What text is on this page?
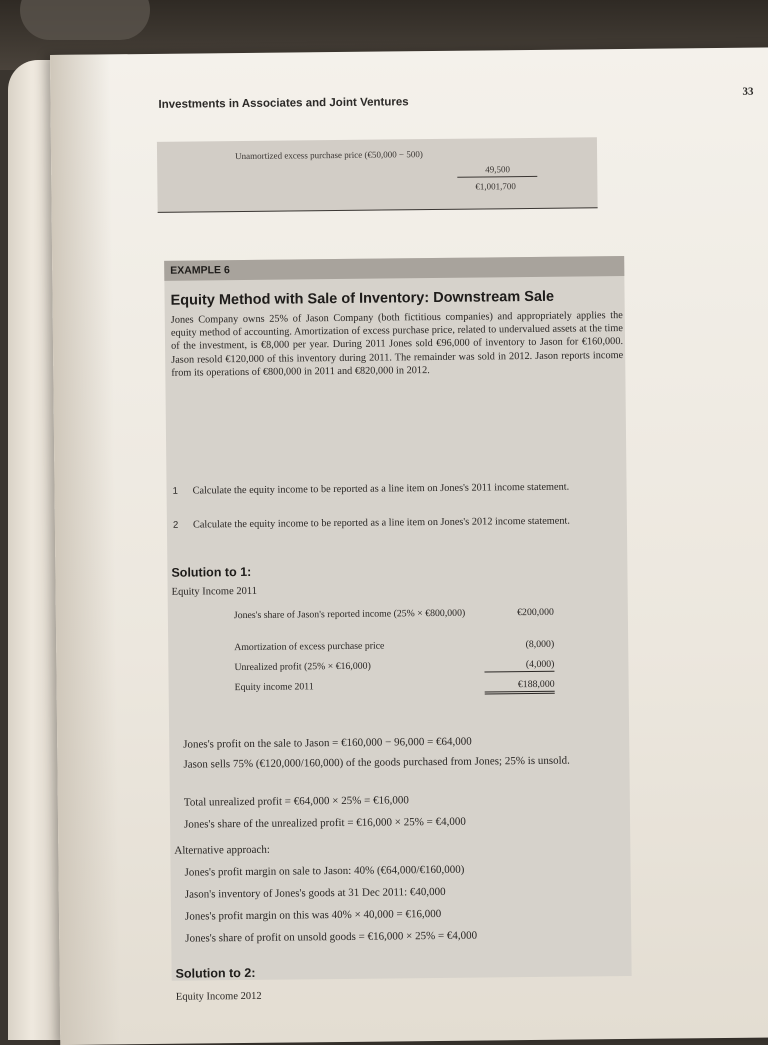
Investments in Associates and Joint Ventures
33
Unamortized excess purchase price (€50,000 − 500)
49,500
€1,001,700
EXAMPLE 6
Equity Method with Sale of Inventory: Downstream Sale
Jones Company owns 25% of Jason Company (both fictitious companies) and appropriately applies the equity method of accounting. Amortization of excess purchase price, related to undervalued assets at the time of the investment, is €8,000 per year. During 2011 Jones sold €96,000 of inventory to Jason for €160,000. Jason resold €120,000 of this inventory during 2011. The remainder was sold in 2012. Jason reports income from its operations of €800,000 in 2011 and €820,000 in 2012.
1 Calculate the equity income to be reported as a line item on Jones's 2011 income statement.
2 Calculate the equity income to be reported as a line item on Jones's 2012 income statement.
Solution to 1:
Equity Income 2011
Jones's share of Jason's reported income (25% × €800,000)	€200,000
Amortization of excess purchase price	(8,000)
Unrealized profit (25% × €16,000)	(4,000)
Equity income 2011	€188,000
Jones's profit on the sale to Jason = €160,000 − 96,000 = €64,000
Jason sells 75% (€120,000/160,000) of the goods purchased from Jones; 25% is unsold.
Total unrealized profit = €64,000 × 25% = €16,000
Jones's share of the unrealized profit = €16,000 × 25% = €4,000
Alternative approach:
Jones's profit margin on sale to Jason: 40% (€64,000/€160,000)
Jason's inventory of Jones's goods at 31 Dec 2011: €40,000
Jones's profit margin on this was 40% × 40,000 = €16,000
Jones's share of profit on unsold goods = €16,000 × 25% = €4,000
Solution to 2:
Equity Income 2012
